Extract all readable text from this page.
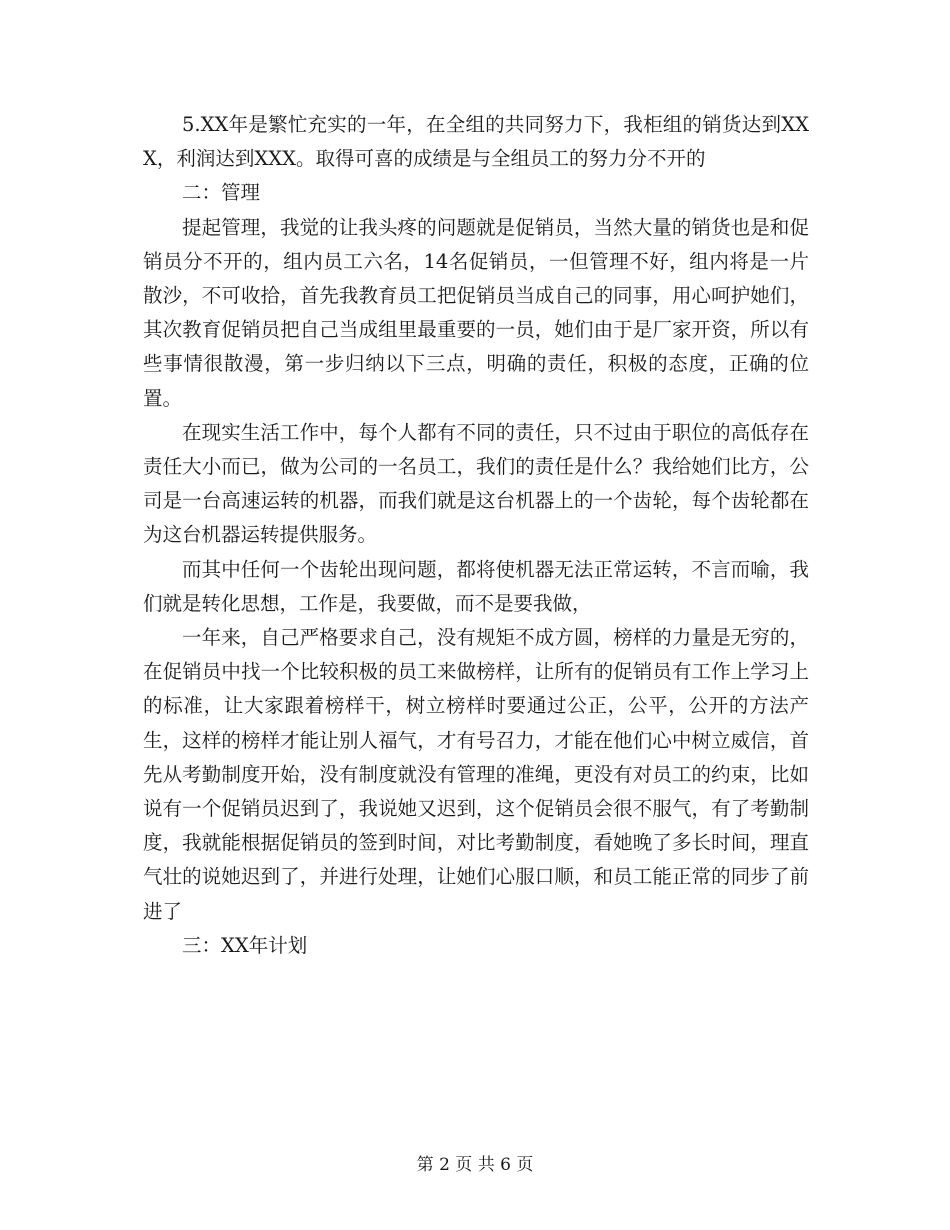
5.XX年是繁忙充实的一年，在全组的共同努力下，我柜组的销货达到XXX，利润达到XXX。取得可喜的成绩是与全组员工的努力分不开的

二：管理

提起管理，我觉的让我头疼的问题就是促销员，当然大量的销货也是和促销员分不开的，组内员工六名，14名促销员，一但管理不好，组内将是一片散沙，不可收拾，首先我教育员工把促销员当成自己的同事，用心呵护她们，其次教育促销员把自己当成组里最重要的一员，她们由于是厂家开资，所以有些事情很散漫，第一步归纳以下三点，明确的责任，积极的态度，正确的位置。

在现实生活工作中，每个人都有不同的责任，只不过由于职位的高低存在责任大小而已，做为公司的一名员工，我们的责任是什么？我给她们比方，公司是一台高速运转的机器，而我们就是这台机器上的一个齿轮，每个齿轮都在为这台机器运转提供服务。

而其中任何一个齿轮出现问题，都将使机器无法正常运转，不言而喻，我们就是转化思想，工作是，我要做，而不是要我做，

一年来，自己严格要求自己，没有规矩不成方圆，榜样的力量是无穷的，在促销员中找一个比较积极的员工来做榜样，让所有的促销员有工作上学习上的标准，让大家跟着榜样干，树立榜样时要通过公正，公平，公开的方法产生，这样的榜样才能让别人福气，才有号召力，才能在他们心中树立威信，首先从考勤制度开始，没有制度就没有管理的准绳，更没有对员工的约束，比如说有一个促销员迟到了，我说她又迟到，这个促销员会很不服气，有了考勤制度，我就能根据促销员的签到时间，对比考勤制度，看她晚了多长时间，理直气壮的说她迟到了，并进行处理，让她们心服口顺，和员工能正常的同步了前进了

三：XX年计划

第 2 页 共 6 页
